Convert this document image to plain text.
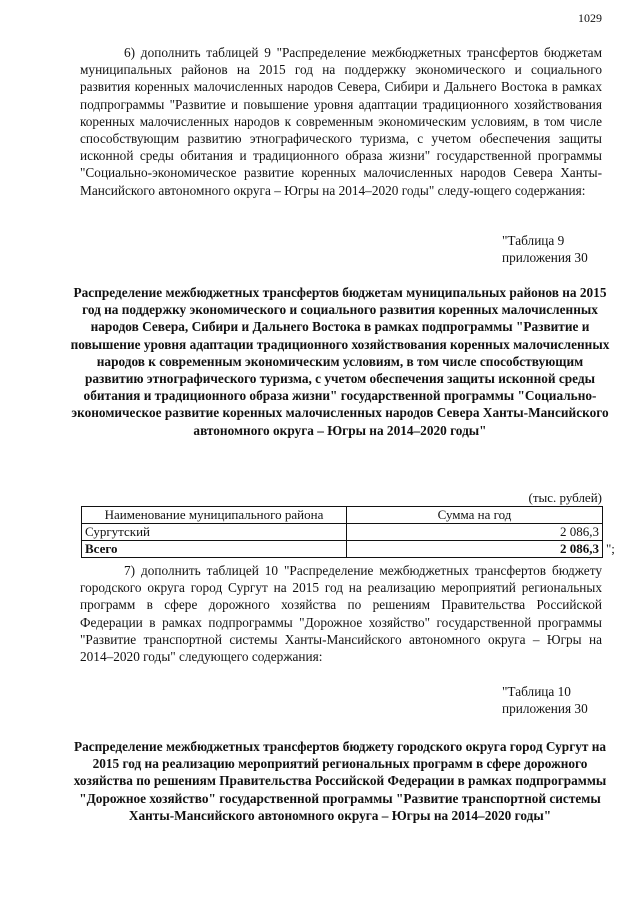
1029

6) дополнить таблицей 9 "Распределение межбюджетных трансфертов бюджетам муниципальных районов на 2015 год на поддержку экономического и социального развития коренных малочисленных народов Севера, Сибири и Дальнего Востока в рамках подпрограммы "Развитие и повышение уровня адаптации традиционного хозяйствования коренных малочисленных народов к современным экономическим условиям, в том числе способствующим развитию этнографического туризма, с учетом обеспечения защиты исконной среды обитания и традиционного образа жизни" государственной программы "Социально-экономическое развитие коренных малочисленных народов Севера Ханты-Мансийского автономного округа – Югры на 2014–2020 годы" следу-ющего содержания:

"Таблица 9
приложения 30

Распределение межбюджетных трансфертов бюджетам муниципальных районов на 2015 год на поддержку экономического и социального развития коренных малочисленных народов Севера, Сибири и Дальнего Востока в рамках подпрограммы "Развитие и повышение уровня адаптации традиционного хозяйствования коренных малочисленных народов к современным экономическим условиям, в том числе способствующим развитию этнографического туризма, с учетом обеспечения защиты исконной среды обитания и традиционного образа жизни" государственной программы "Социально-экономическое развитие коренных малочисленных народов Севера Ханты-Мансийского автономного округа – Югры на 2014–2020 годы"

(тыс. рублей)
Наименование муниципального района	Сумма на год
Сургутский	2 086,3
Всего	2 086,3 ";

7) дополнить таблицей 10 "Распределение межбюджетных трансфертов бюджету городского округа город Сургут на 2015 год на реализацию мероприятий региональных программ в сфере дорожного хозяйства по решениям Правительства Российской Федерации в рамках подпрограммы "Дорожное хозяйство" государственной программы "Развитие транспортной системы Ханты-Мансийского автономного округа – Югры на 2014–2020 годы" следующего содержания:

"Таблица 10
приложения 30

Распределение межбюджетных трансфертов бюджету городского округа город Сургут на 2015 год на реализацию мероприятий региональных программ в сфере дорожного хозяйства по решениям Правительства Российской Федерации в рамках подпрограммы "Дорожное хозяйство" государственной программы "Развитие транспортной системы Ханты-Мансийского автономного округа – Югры на 2014–2020 годы"
